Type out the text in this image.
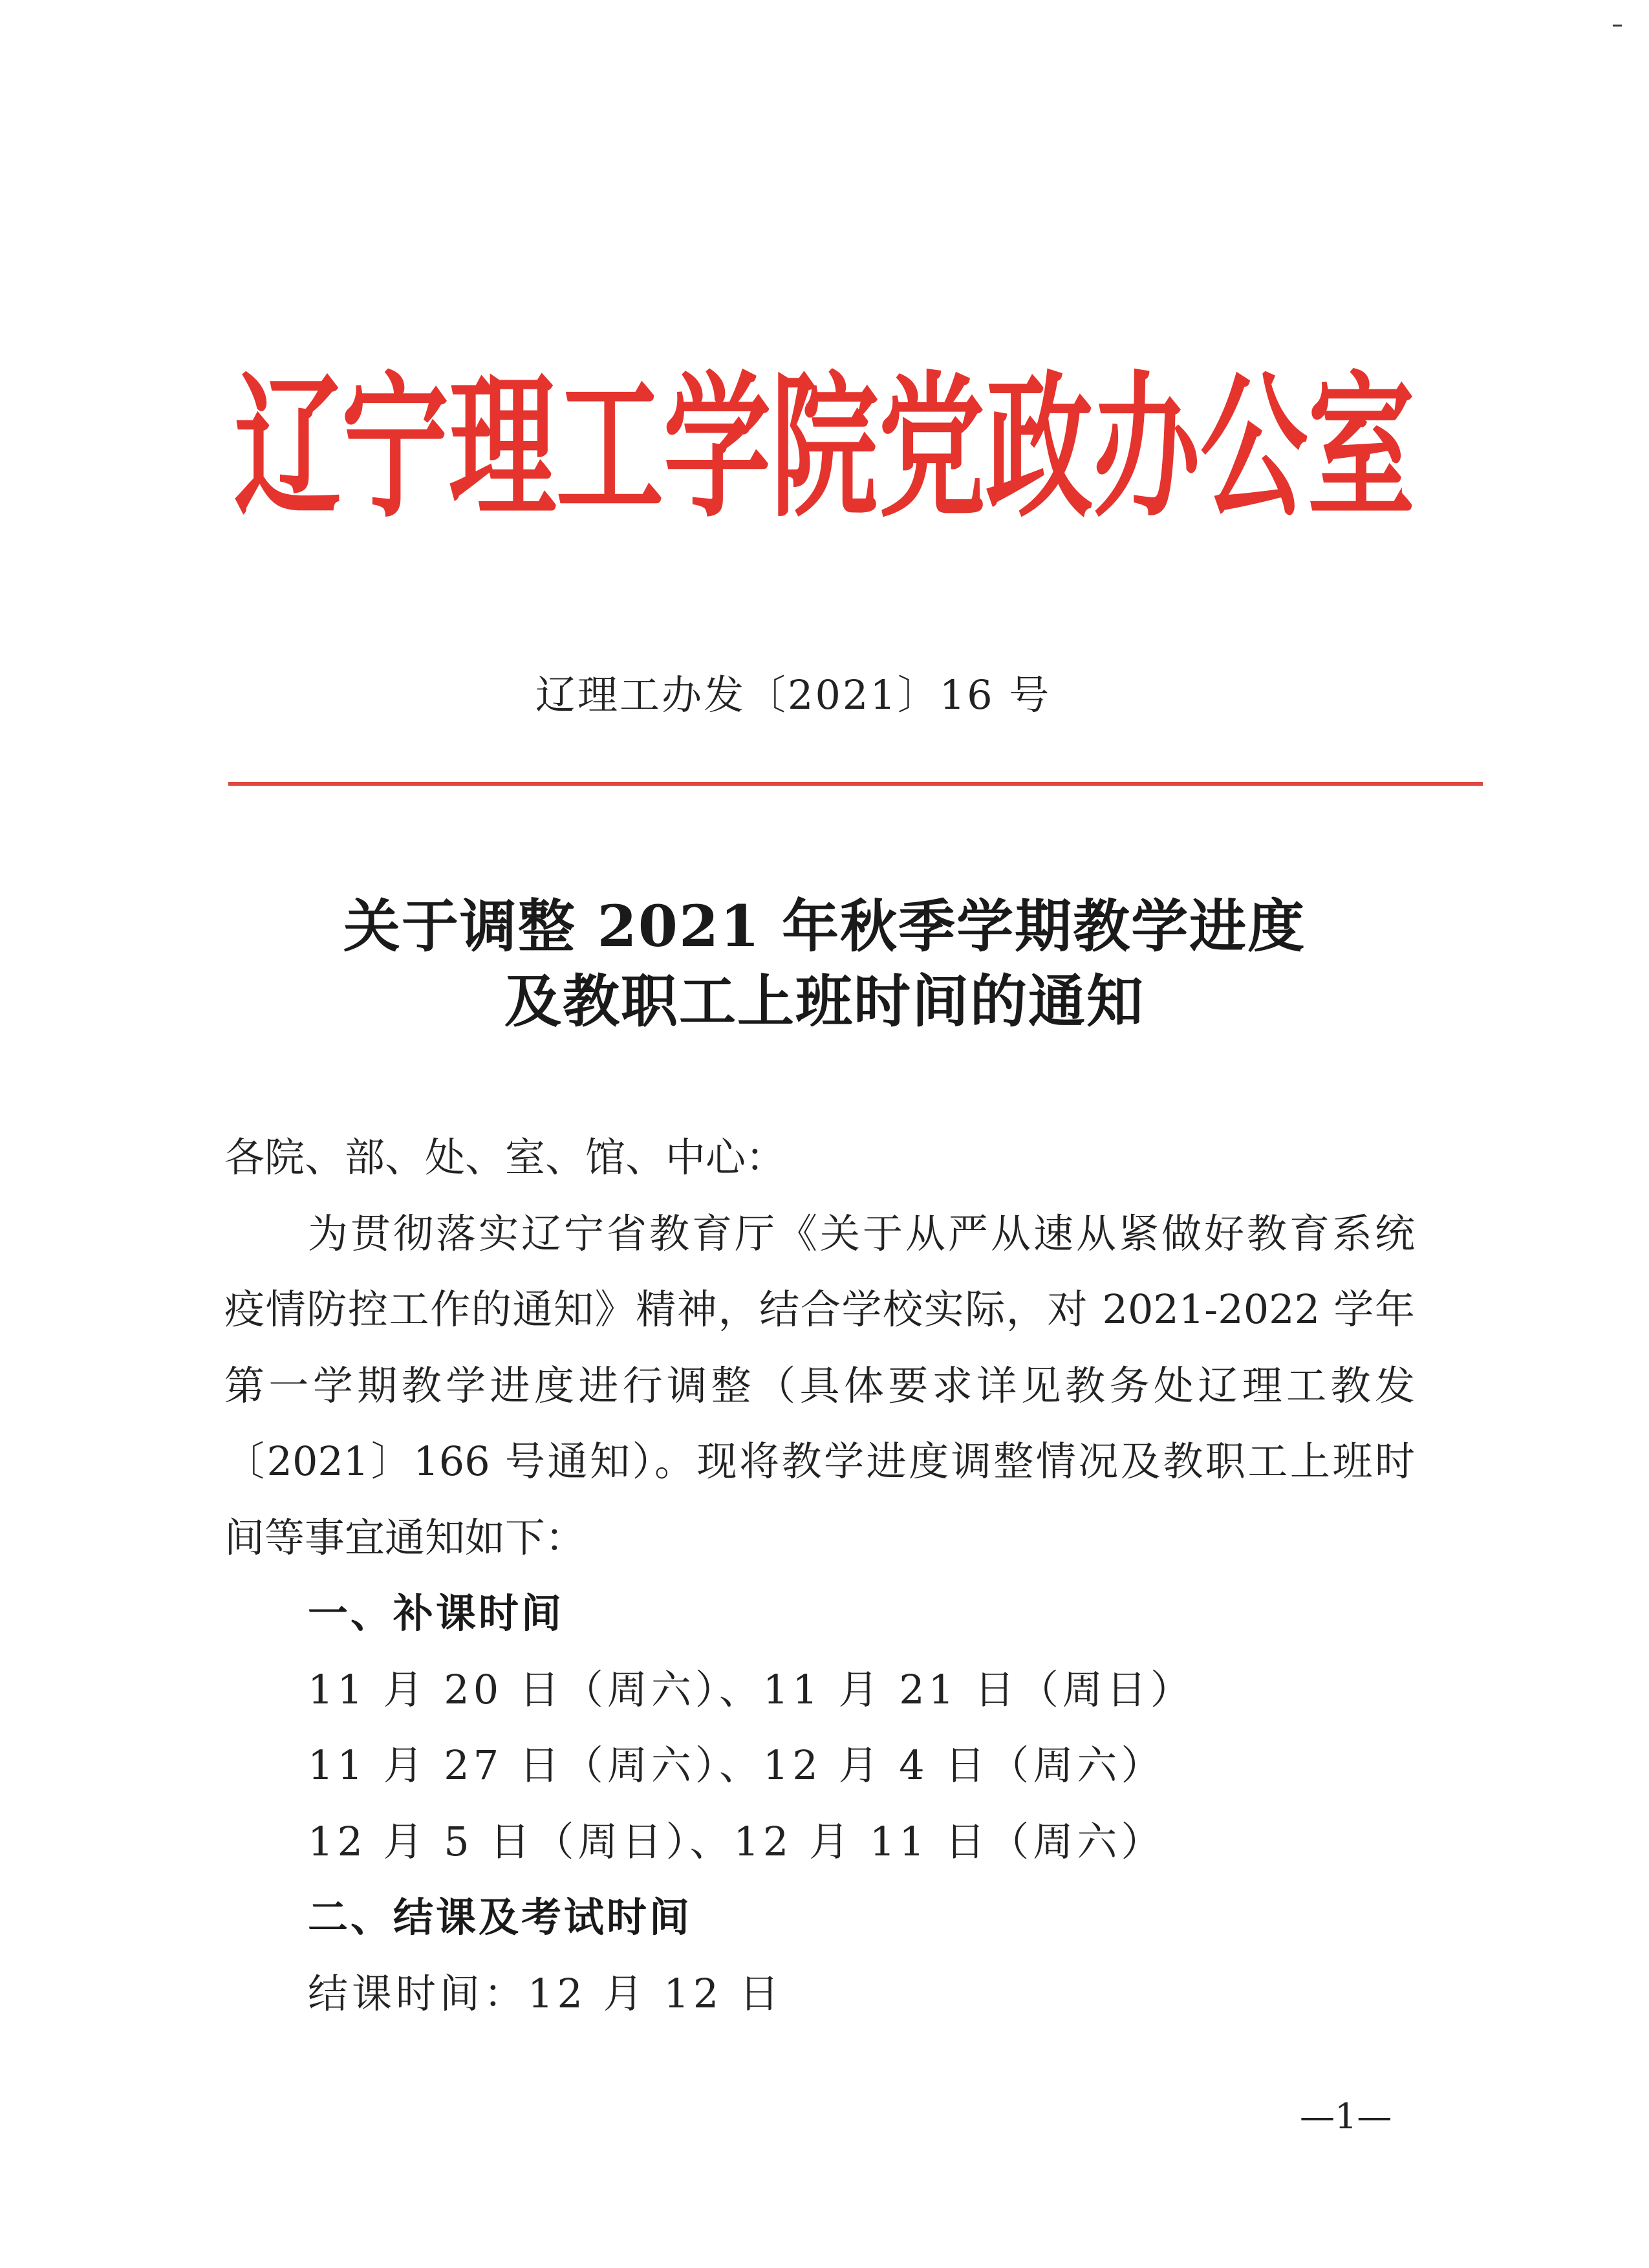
辽宁理工学院党政办公室
辽理工办发〔2021〕16 号
关于调整 2021 年秋季学期教学进度
及教职工上班时间的通知
各院、部、处、室、馆、中心：
为贯彻落实辽宁省教育厅《关于从严从速从紧做好教育系统
疫情防控工作的通知》精神，结合学校实际，对 2021-2022 学年
第一学期教学进度进行调整（具体要求详见教务处辽理工教发
〔2021〕166 号通知）。现将教学进度调整情况及教职工上班时
间等事宜通知如下：
一、补课时间
11 月 20 日（周六）、11 月 21 日（周日）
11 月 27 日（周六）、12 月 4 日（周六）
12 月 5 日（周日）、12 月 11 日（周六）
二、结课及考试时间
结课时间：12 月 12 日
—1—
